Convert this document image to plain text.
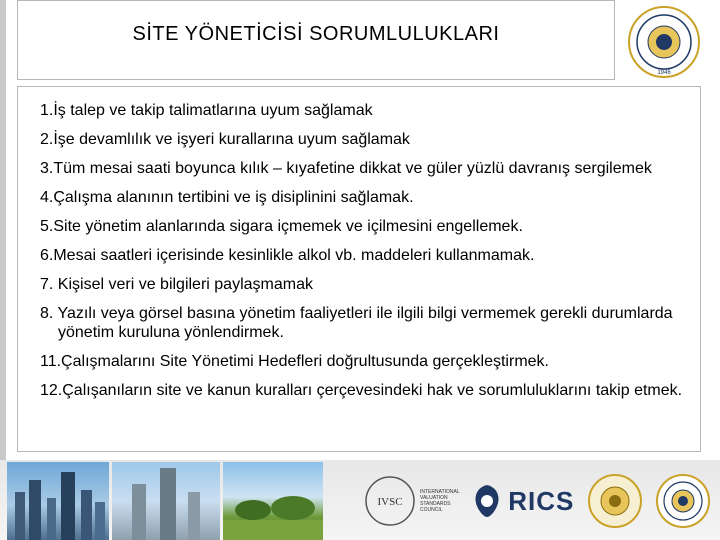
SİTE YÖNETİCİSİ SORUMLULUKLARI
1946
1.İş talep ve takip talimatlarına uyum sağlamak
2.İşe devamlılık ve işyeri kurallarına uyum sağlamak
3.Tüm mesai saati boyunca kılık – kıyafetine dikkat ve güler yüzlü davranış sergilemek
4.Çalışma alanının tertibini ve iş disiplinini sağlamak.
5.Site yönetim alanlarında sigara içmemek ve içilmesini engellemek.
6.Mesai saatleri içerisinde kesinlikle alkol vb. maddeleri kullanmamak.
7. Kişisel veri ve bilgileri paylaşmamak
8. Yazılı veya görsel basına yönetim faaliyetleri ile ilgili bilgi vermemek gerekli durumlarda yönetim kuruluna yönlendirmek.
11.Çalışmalarını Site Yönetimi Hedefleri doğrultusunda gerçekleştirmek.
12.Çalışanıların site ve kanun kuralları çerçevesindeki hak ve sorumluluklarını takip etmek.
IVSC
INTERNATIONAL VALUATION STANDARDS COUNCIL	RICS
